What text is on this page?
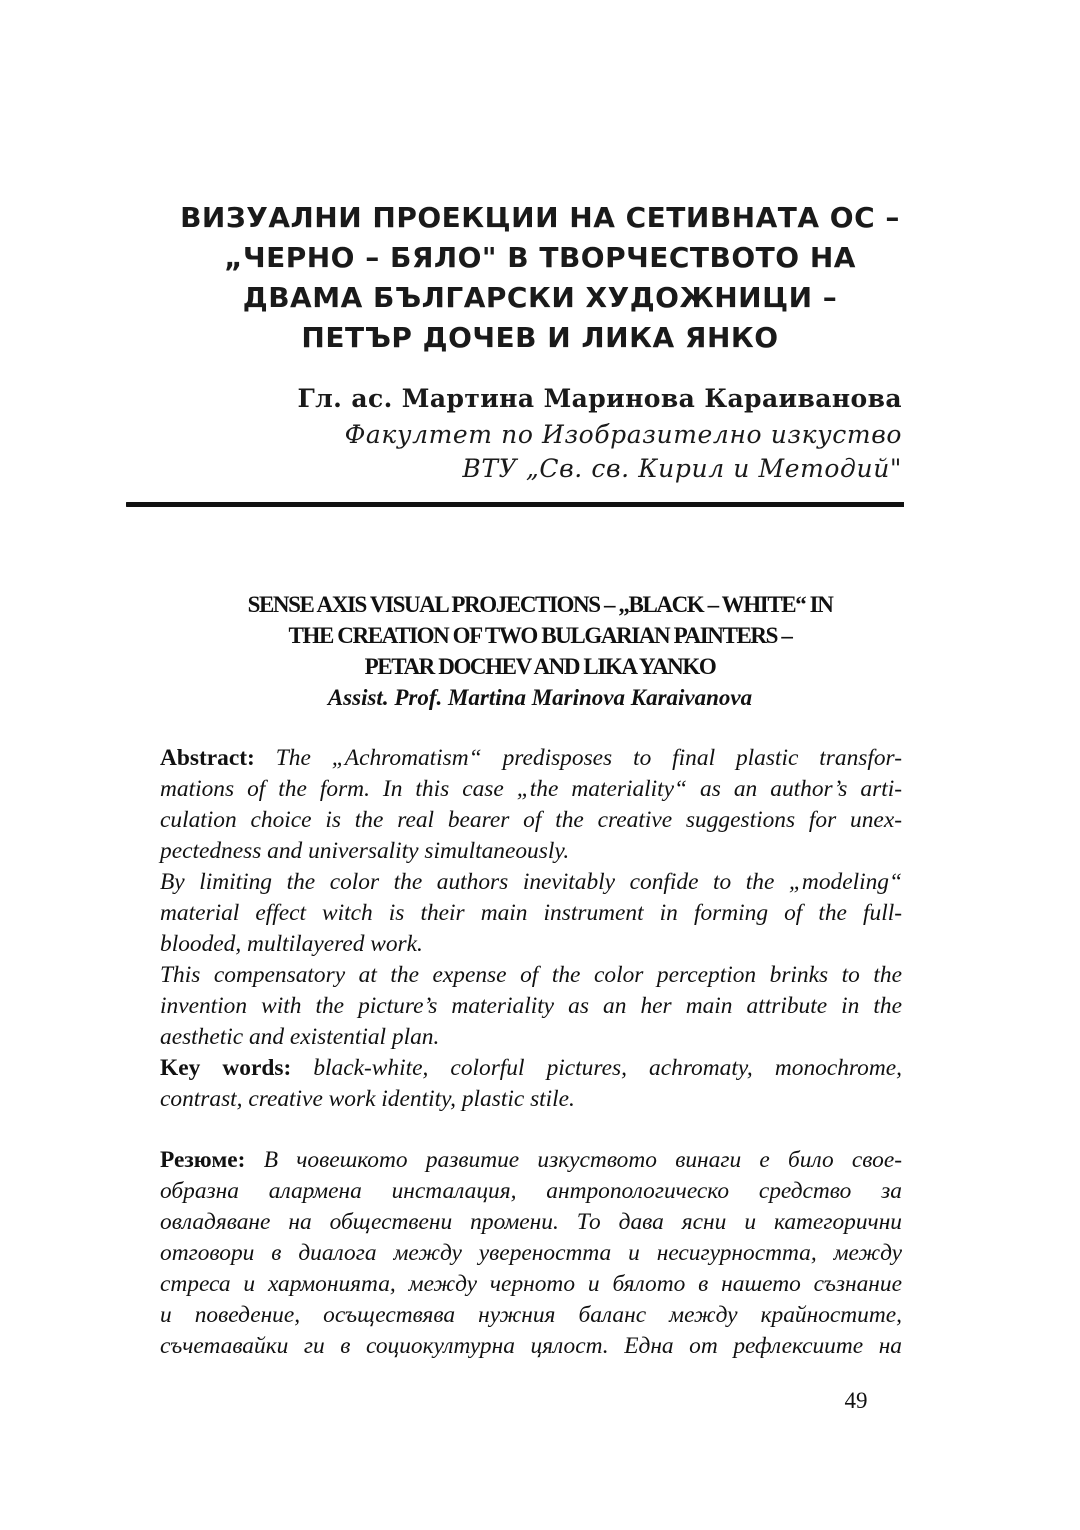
ВИЗУАЛНИ ПРОЕКЦИИ НА СЕТИВНАТА ОС –
„ЧЕРНО – БЯЛО" В ТВОРЧЕСТВОТО НА
ДВАМА БЪЛГАРСКИ ХУДОЖНИЦИ –
ПЕТЪР ДОЧЕВ И ЛИКА ЯНКО
Гл. ас. Мартина Маринова Караиванова
Факултет по Изобразително изкуство
ВТУ „Св. св. Кирил и Методий"
SENSE AXIS VISUAL PROJECTIONS – „BLACK – WHITE“ IN
THE CREATION OF TWO BULGARIAN PAINTERS –
PETAR DOCHEV AND LIKA YANKO
Assist. Prof. Martina Marinova Karaivanova
Abstract: The „Achromatism“ predisposes to final plastic transfor-
mations of the form. In this case „the materiality“ as an author’s arti-
culation choice is the real bearer of the creative suggestions for unex-
pectedness and universality simultaneously.
By limiting the color the authors inevitably confide to the „modeling“
material effect witch is their main instrument in forming of the full-
blooded, multilayered work.
This compensatory at the expense of the color perception brinks to the
invention with the picture’s materiality as an her main attribute in the
aesthetic and existential plan.
Key words: black-white, colorful pictures, achromaty, monochrome,
contrast, creative work identity, plastic stile.
Резюме: В човешкото развитие изкуството винаги е било свое-
образна алармена инсталация, антропологическо средство за
овладяване на обществени промени. То дава ясни и категорични
отговори в диалога между увереността и несигурността, между
стреса и хармонията, между черното и бялото в нашето съзнание
и поведение, осъществява нужния баланс между крайностите,
съчетавайки ги в социокултурна цялост. Една от рефлексиите на
49
